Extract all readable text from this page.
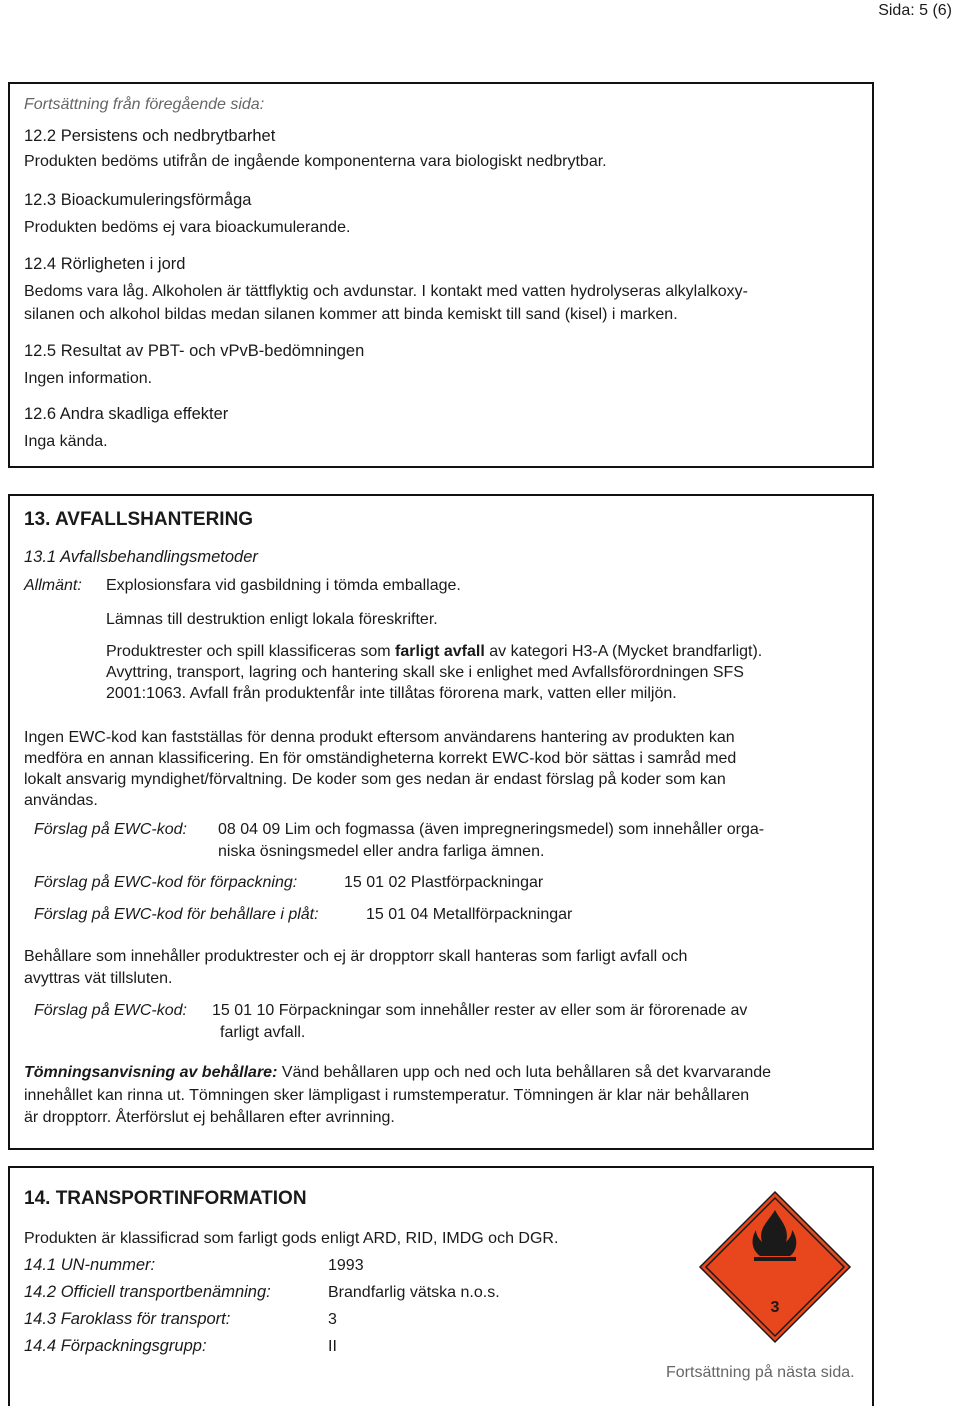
Sida: 5 (6)
Fortsättning från föregående sida:
12.2 Persistens och nedbrytbarhet
Produkten bedöms utifrån de ingående komponenterna vara biologiskt nedbrytbar.
12.3 Bioackumuleringsförmåga
Produkten bedöms ej vara bioackumulerande.
12.4 Rörligheten i jord
Bedoms vara låg. Alkoholen är tättflyktig och avdunstar. I kontakt med vatten hydrolyseras alkylalkoxy-
silanen och alkohol bildas medan silanen kommer att binda kemiskt till sand (kisel) i marken.
12.5 Resultat av PBT- och vPvB-bedömningen
Ingen information.
12.6 Andra skadliga effekter
Inga kända.
13. AVFALLSHANTERING
13.1 Avfallsbehandlingsmetoder
Allmänt: Explosionsfara vid gasbildning i tömda emballage.
Lämnas till destruktion enligt lokala föreskrifter.
Produktrester och spill klassificeras som farligt avfall av kategori H3-A (Mycket brandfarligt).
Avyttring, transport, lagring och hantering skall ske i enlighet med Avfallsförordningen SFS
2001:1063. Avfall från produktenfår inte tillåtas förorena mark, vatten eller miljön.
Ingen EWC-kod kan fastställas för denna produkt eftersom användarens hantering av produkten kan
medföra en annan klassificering. En för omständigheterna korrekt EWC-kod bör sättas i samråd med
lokalt ansvarig myndighet/förvaltning. De koder som ges nedan är endast förslag på koder som kan
användas.
Förslag på EWC-kod: 08 04 09 Lim och fogmassa (även impregneringsmedel) som innehåller orga-
niska ösningsmedel eller andra farliga ämnen.
Förslag på EWC-kod för förpackning:	15 01 02 Plastförpackningar
Förslag på EWC-kod för behållare i plåt:	15 01 04 Metallförpackningar
Behållare som innehåller produktrester och ej är dropptorr skall hanteras som farligt avfall och
avyttras vät tillsluten.
Förslag på EWC-kod: 15 01 10 Förpackningar som innehåller rester av eller som är förorenade av
farligt avfall.
Tömningsanvisning av behållare: Vänd behållaren upp och ned och luta behållaren så det kvarvarande
innehållet kan rinna ut. Tömningen sker lämpligast i rumstemperatur. Tömningen är klar när behållaren
är dropptorr. Återförslut ej behållaren efter avrinning.
14. TRANSPORTINFORMATION
Produkten är klassificrad som farligt gods enligt ARD, RID, IMDG och DGR.
14.1 UN-nummer:	1993
14.2 Officiell transportbenämning:	Brandfarlig vätska n.o.s.
14.3 Faroklass för transport:	3
14.4 Förpackningsgrupp:	II
3
Fortsättning på nästa sida.
